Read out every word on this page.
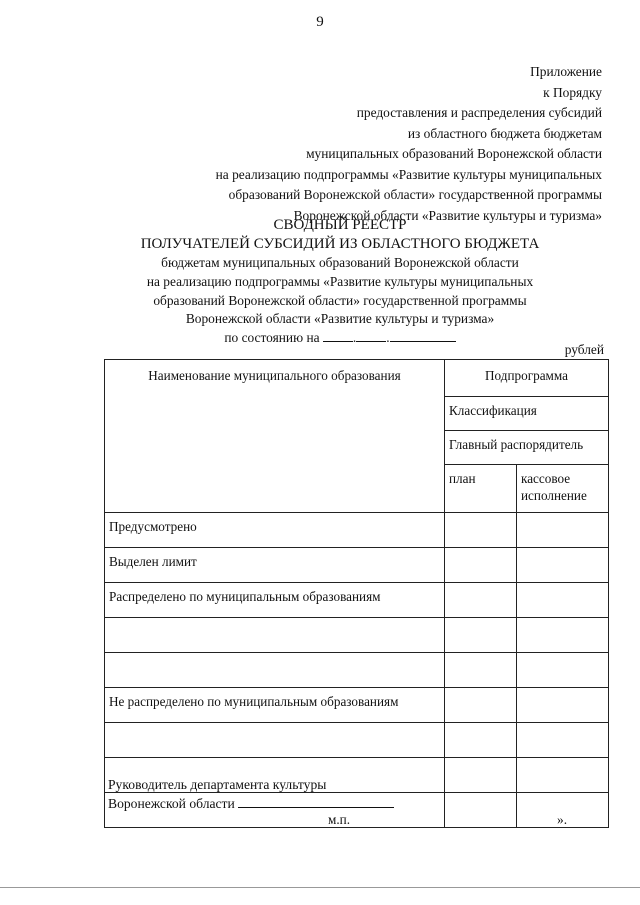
9
Приложение
к Порядку
предоставления и распределения субсидий
из областного бюджета бюджетам
муниципальных образований Воронежской области
на реализацию подпрограммы «Развитие культуры муниципальных
образований Воронежской области» государственной программы
Воронежской области «Развитие культуры и туризма»
СВОДНЫЙ РЕЕСТР
ПОЛУЧАТЕЛЕЙ СУБСИДИЙ ИЗ ОБЛАСТНОГО БЮДЖЕТА
бюджетам муниципальных образований Воронежской области
на реализацию подпрограммы «Развитие культуры муниципальных
образований Воронежской области» государственной программы
Воронежской области «Развитие культуры и туризма»
по состоянию на . .
рублей
Наименование муниципального образования	Подпрограмма	
	Классификация	
	Главный распорядитель	
	план	кассовое исполнение
Предусмотрено		
Выделен лимит		
Распределено по муниципальным образованиям		

Не распределено по муниципальным образованиям		

Руководитель департамента культуры
Воронежской области
м.п.	».
